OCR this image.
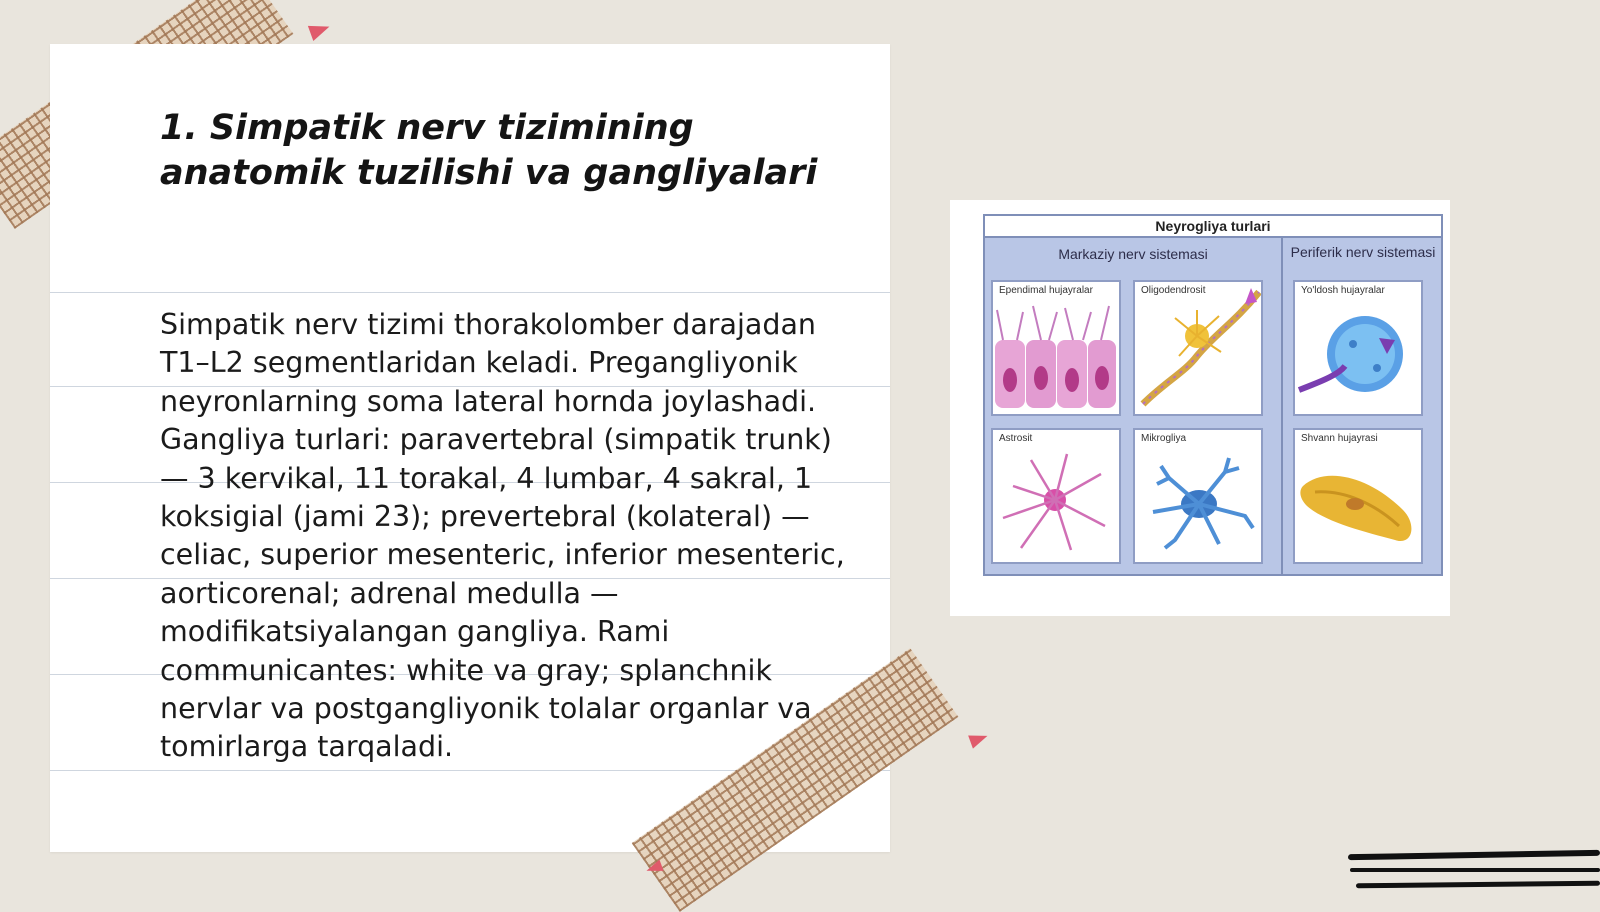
1. Simpatik nerv tizimining anatomik tuzilishi va gangliyalari

Simpatik nerv tizimi thorakolomber darajadan T1–L2 segmentlaridan keladi. Pregangliyonik neyronlarning soma lateral hornda joylashadi. Gangliya turlari: paravertebral (simpatik trunk) — 3 kervikal, 11 torakal, 4 lumbar, 4 sakral, 1 koksigial (jami 23); prevertebral (kolateral) — celiac, superior mesenteric, inferior mesenteric, aorticorenal; adrenal medulla — modifikatsiyalangan gangliya. Rami communicantes: white va gray; splanchnik nervlar va postgangliyonik tolalar organlar va tomirlarga tarqaladi.

Neyrogliya turlari
Markaziy nerv sistemasi	Periferik nerv sistemasi
Ependimal hujayralar	Oligodendrosit	Yo'ldosh hujayralar
Astrosit	Mikrogliya	Shvann hujayrasi
